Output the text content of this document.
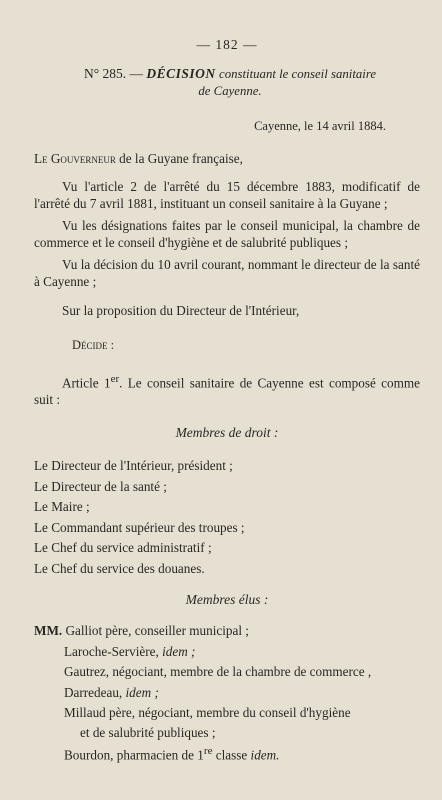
— 182 —

N° 285. — DÉCISION constituant le conseil sanitaire
de Cayenne.

Cayenne, le 14 avril 1884.

Le Gouverneur de la Guyane française,

Vu l'article 2 de l'arrêté du 15 décembre 1883, modificatif de l'arrêté du 7 avril 1881, instituant un conseil sanitaire à la Guyane ;

Vu les désignations faites par le conseil municipal, la chambre de commerce et le conseil d'hygiène et de salubrité publiques ;

Vu la décision du 10 avril courant, nommant le directeur de la santé à Cayenne ;

Sur la proposition du Directeur de l'Intérieur,

Décide :

Article 1er. Le conseil sanitaire de Cayenne est composé comme suit :

Membres de droit :

Le Directeur de l'Intérieur, président ;
Le Directeur de la santé ;
Le Maire ;
Le Commandant supérieur des troupes ;
Le Chef du service administratif ;
Le Chef du service des douanes.

Membres élus :

MM. Galliot père, conseiller municipal ;
Laroche-Servière, idem ;
Gautrez, négociant, membre de la chambre de commerce ,
Darredeau, idem ;
Millaud père, négociant, membre du conseil d'hygiène
et de salubrité publiques ;
Bourdon, pharmacien de 1re classe idem.
